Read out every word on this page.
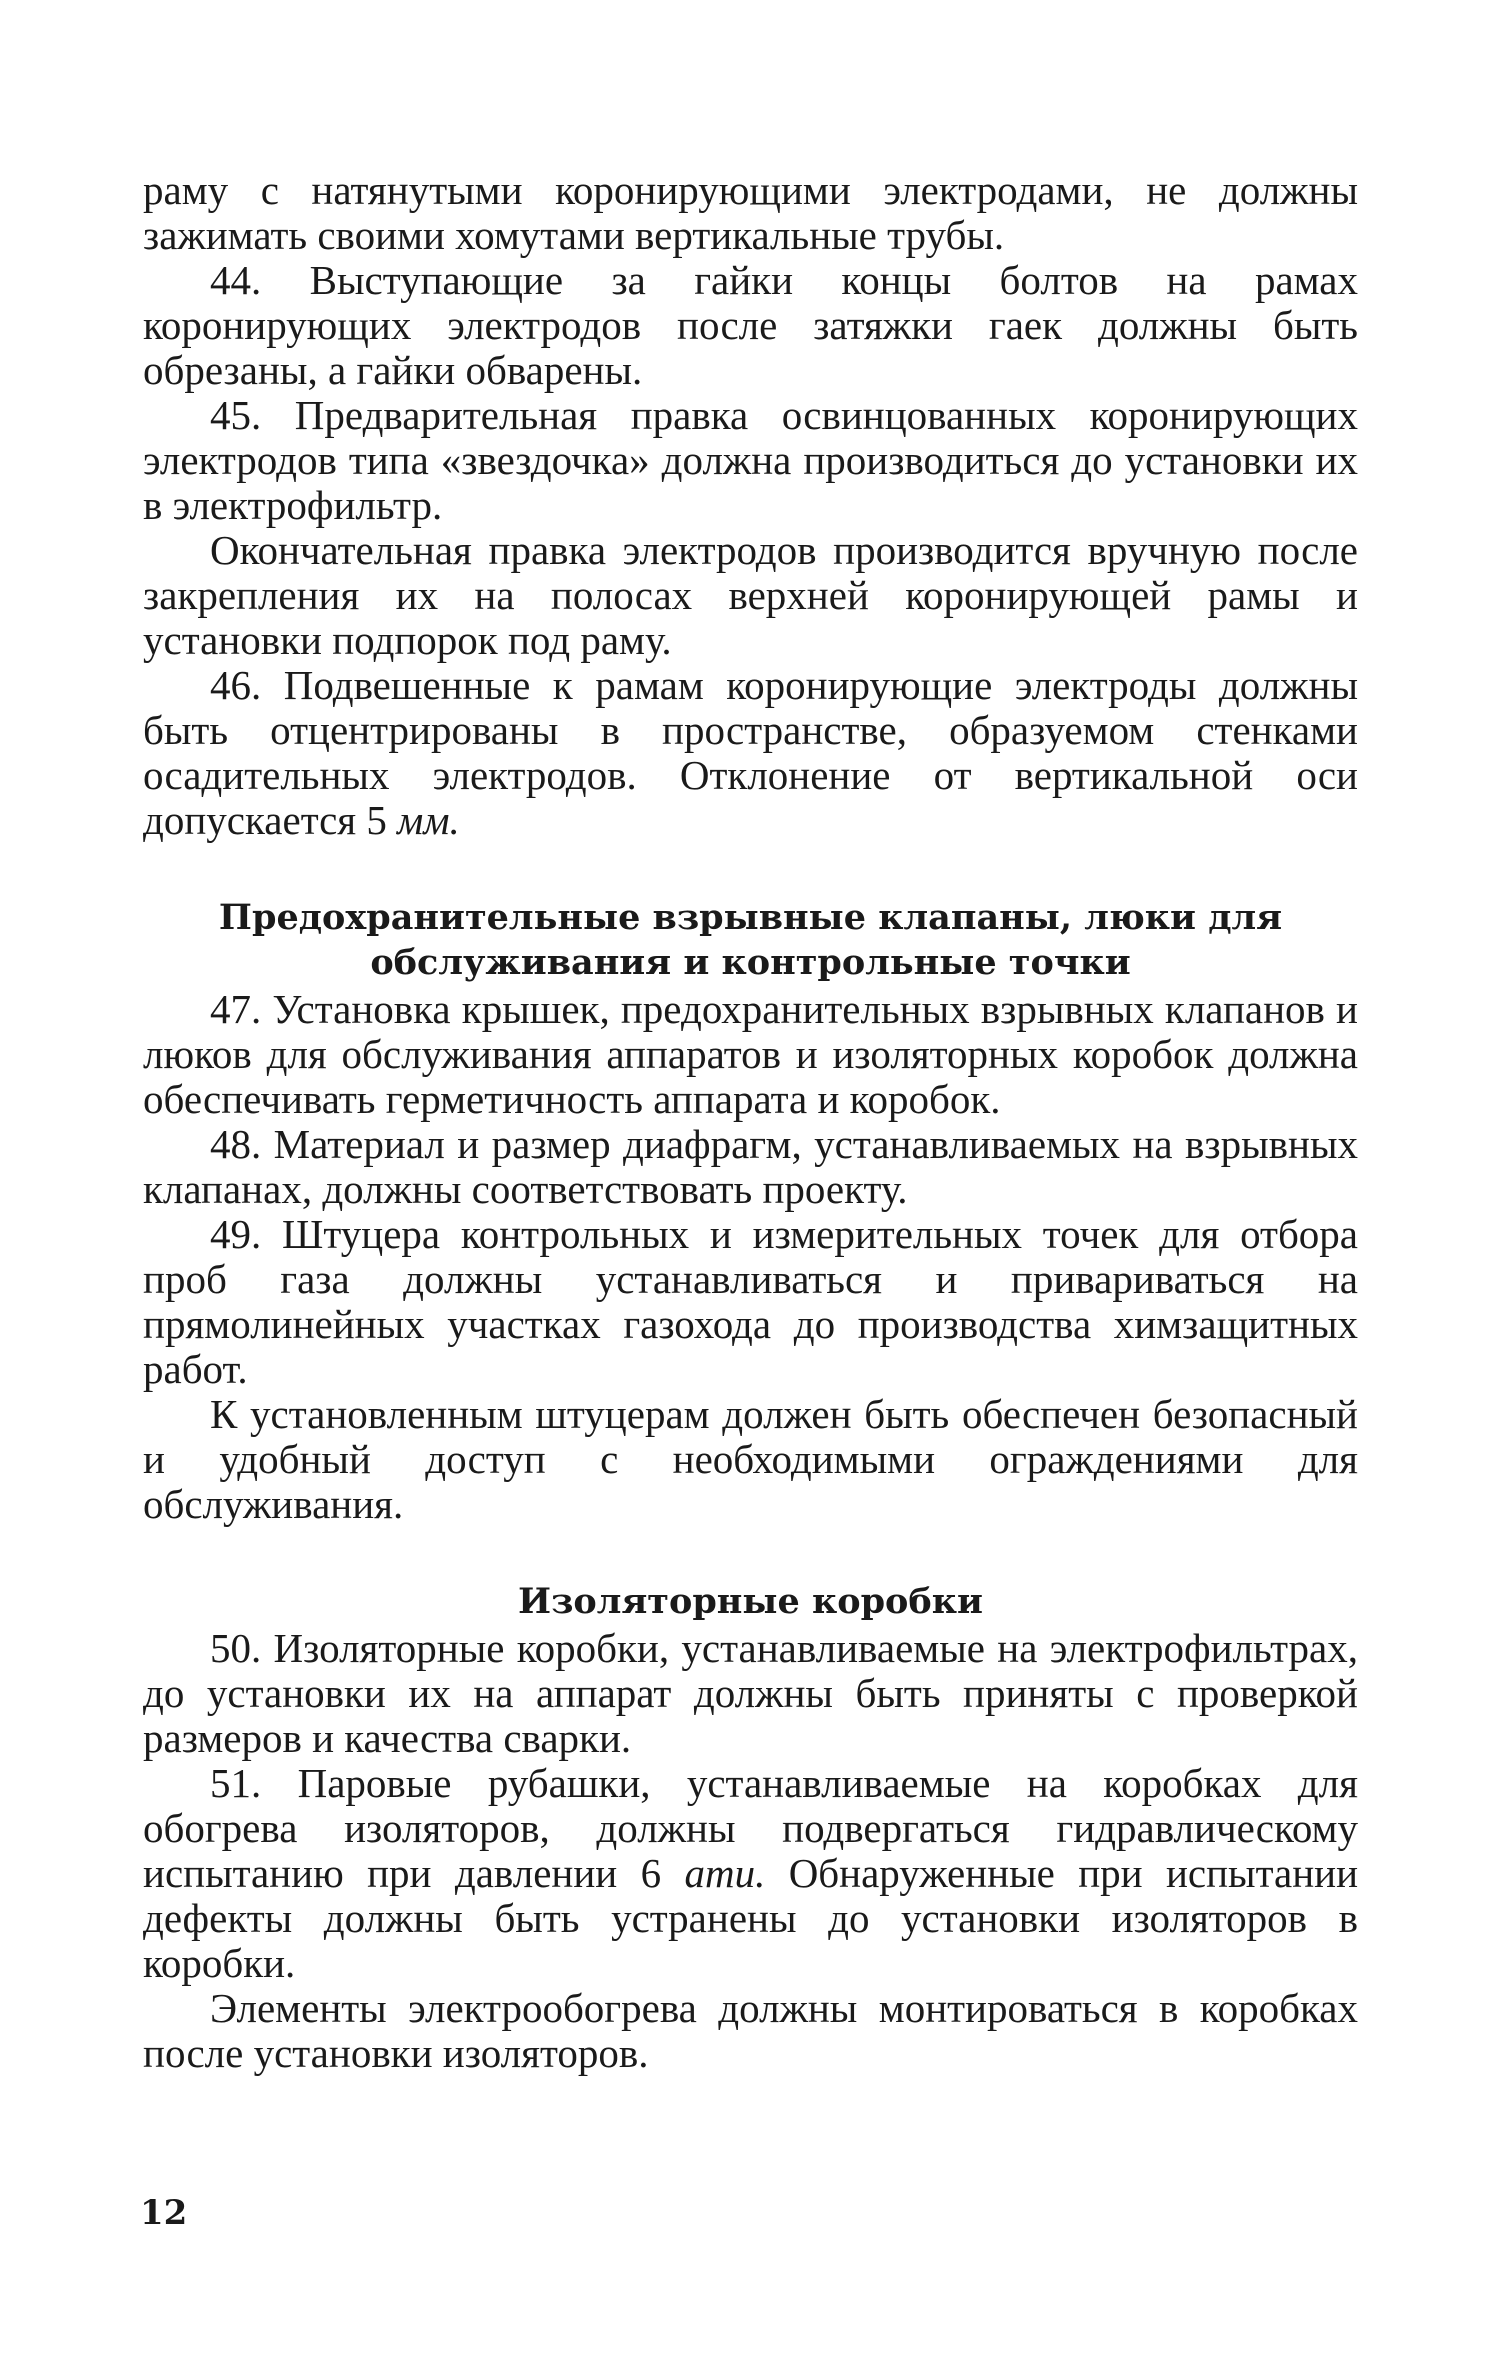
раму с натянутыми коронирующими электродами, не должны зажимать своими хомутами вертикальные трубы.

44. Выступающие за гайки концы болтов на рамах коронирующих электродов после затяжки гаек должны быть обрезаны, а гайки обварены.

45. Предварительная правка освинцованных коронирующих электродов типа «звездочка» должна производиться до установки их в электрофильтр.

Окончательная правка электродов производится вручную после закрепления их на полосах верхней коронирующей рамы и установки подпорок под раму.

46. Подвешенные к рамам коронирующие электроды должны быть отцентрированы в пространстве, образуемом стенками осадительных электродов. Отклонение от вертикальной оси допускается 5 мм.

Предохранительные взрывные клапаны, люки для обслуживания и контрольные точки

47. Установка крышек, предохранительных взрывных клапанов и люков для обслуживания аппаратов и изоляторных коробок должна обеспечивать герметичность аппарата и коробок.

48. Материал и размер диафрагм, устанавливаемых на взрывных клапанах, должны соответствовать проекту.

49. Штуцера контрольных и измерительных точек для отбора проб газа должны устанавливаться и привариваться на прямолинейных участках газохода до производства химзащитных работ.

К установленным штуцерам должен быть обеспечен безопасный и удобный доступ с необходимыми ограждениями для обслуживания.

Изоляторные коробки

50. Изоляторные коробки, устанавливаемые на электрофильтрах, до установки их на аппарат должны быть приняты с проверкой размеров и качества сварки.

51. Паровые рубашки, устанавливаемые на коробках для обогрева изоляторов, должны подвергаться гидравлическому испытанию при давлении 6 ати. Обнаруженные при испытании дефекты должны быть устранены до установки изоляторов в коробки.

Элементы электрообогрева должны монтироваться в коробках после установки изоляторов.

12
